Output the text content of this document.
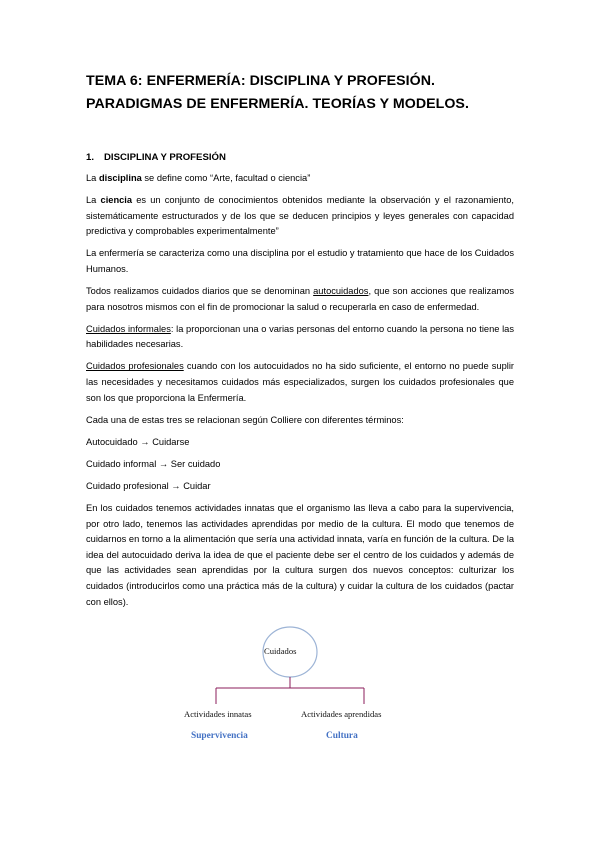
TEMA 6: ENFERMERÍA: DISCIPLINA Y PROFESIÓN. PARADIGMAS DE ENFERMERÍA. TEORÍAS Y MODELOS.
1. DISCIPLINA Y PROFESIÓN

La disciplina se define como “Arte, facultad o ciencia”

La ciencia es un conjunto de conocimientos obtenidos mediante la observación y el razonamiento, sistemáticamente estructurados y de los que se deducen principios y leyes generales con capacidad predictiva y comprobables experimentalmente”

La enfermería se caracteriza como una disciplina por el estudio y tratamiento que hace de los Cuidados Humanos.

Todos realizamos cuidados diarios que se denominan autocuidados, que son acciones que realizamos para nosotros mismos con el fin de promocionar la salud o recuperarla en caso de enfermedad.

Cuidados informales: la proporcionan una o varias personas del entorno cuando la persona no tiene las habilidades necesarias.

Cuidados profesionales cuando con los autocuidados no ha sido suficiente, el entorno no puede suplir las necesidades y necesitamos cuidados más especializados, surgen los cuidados profesionales que son los que proporciona la Enfermería.

Cada una de estas tres se relacionan según Colliere con diferentes términos:

Autocuidado → Cuidarse

Cuidado informal → Ser cuidado

Cuidado profesional → Cuidar

En los cuidados tenemos actividades innatas que el organismo las lleva a cabo para la supervivencia, por otro lado, tenemos las actividades aprendidas por medio de la cultura. El modo que tenemos de cuidarnos en torno a la alimentación que sería una actividad innata, varía en función de la cultura. De la idea del autocuidado deriva la idea de que el paciente debe ser el centro de los cuidados y además de que las actividades sean aprendidas por la cultura surgen dos nuevos conceptos: culturizar los cuidados (introducirlos como una práctica más de la cultura) y cuidar la cultura de los cuidados (pactar con ellos).

Cuidados
Actividades innatas	Actividades aprendidas
Supervivencia	Cultura
